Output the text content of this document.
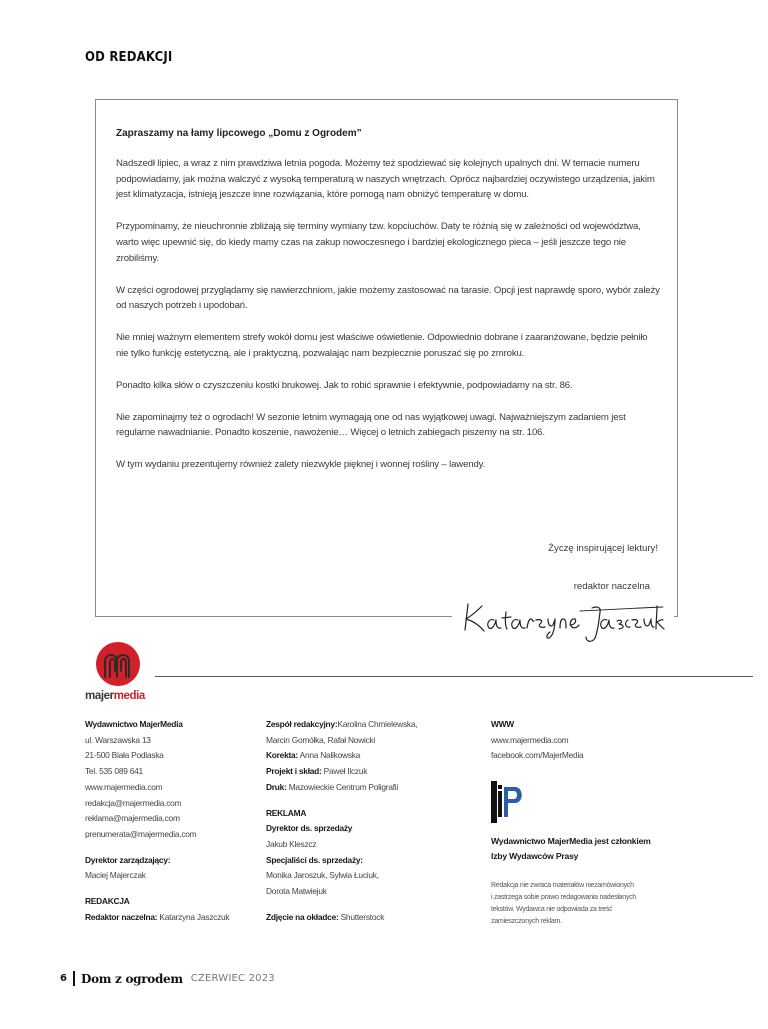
OD REDAKCJI
Zapraszamy na łamy lipcowego „Domu z Ogrodem”

Nadszedł lipiec, a wraz z nim prawdziwa letnia pogoda. Możemy też spodziewać się kolejnych upalnych dni. W temacie numeru podpowiadamy, jak można walczyć z wysoką temperaturą w naszych wnętrzach. Oprócz najbardziej oczywistego urządzenia, jakim jest klimatyzacja, istnieją jeszcze inne rozwiązania, które pomogą nam obniżyć temperaturę w domu.

Przypominamy, że nieuchronnie zbliżają się terminy wymiany tzw. kopciuchów. Daty te różnią się w zależności od województwa, warto więc upewnić się, do kiedy mamy czas na zakup nowoczesnego i bardziej ekologicznego pieca – jeśli jeszcze tego nie zrobiliśmy.

W części ogrodowej przyglądamy się nawierzchniom, jakie możemy zastosować na tarasie. Opcji jest naprawdę sporo, wybór zależy od naszych potrzeb i upodobań.

Nie mniej ważnym elementem strefy wokół domu jest właściwe oświetlenie. Odpowiednio dobrane i zaaranżowane, będzie pełniło nie tylko funkcję estetyczną, ale i praktyczną, pozwalając nam bezpiecznie poruszać się po zmroku.

Ponadto kilka słów o czyszczeniu kostki brukowej. Jak to robić sprawnie i efektywnie, podpowiadamy na str. 86.

Nie zapominajmy też o ogrodach! W sezonie letnim wymagają one od nas wyjątkowej uwagi. Najważniejszym zadaniem jest regularne nawadnianie. Ponadto koszenie, nawożenie… Więcej o letnich zabiegach piszemy na str. 106.

W tym wydaniu prezentujemy również zalety niezwykle pięknej i wonnej rośliny – lawendy.

Życzę inspirującej lektury!
redaktor naczelna
majermedia
Wydawnictwo MajerMedia
ul. Warszawska 13
21-500 Biała Podlaska
Tel. 535 089 641
www.majermedia.com
redakcja@majermedia.com
reklama@majermedia.com
prenumerata@majermedia.com
Dyrektor zarządzający:
Maciej Majerczak
REDAKCJA
Redaktor naczelna: Katarzyna Jaszczuk
Zespół redakcyjny:Karolina Chmielewska,
Marcin Gomółka, Rafał Nowicki
Korekta: Anna Nalikowska
Projekt i skład: Paweł Ilczuk
Druk: Mazowieckie Centrum Poligrafii
REKLAMA
Dyrektor ds. sprzedaży
Jakub Kleszcz
Specjaliści ds. sprzedaży:
Monika Jaroszuk, Sylwia Łuciuk,
Dorota Matwiejuk
Zdjęcie na okładce: Shutterstock
WWW
www.majermedia.com
facebook.com/MajerMedia
Wydawnictwo MajerMedia jest członkiem
Izby Wydawców Prasy
Redakcja nie zwraca materiałów niezamówionych
i zastrzega sobie prawo redagowania nadesłanych
tekstów. Wydawca nie odpowiada za treść
zamieszczonych reklam.
6 Dom z ogrodem CZERWIEC 2023
